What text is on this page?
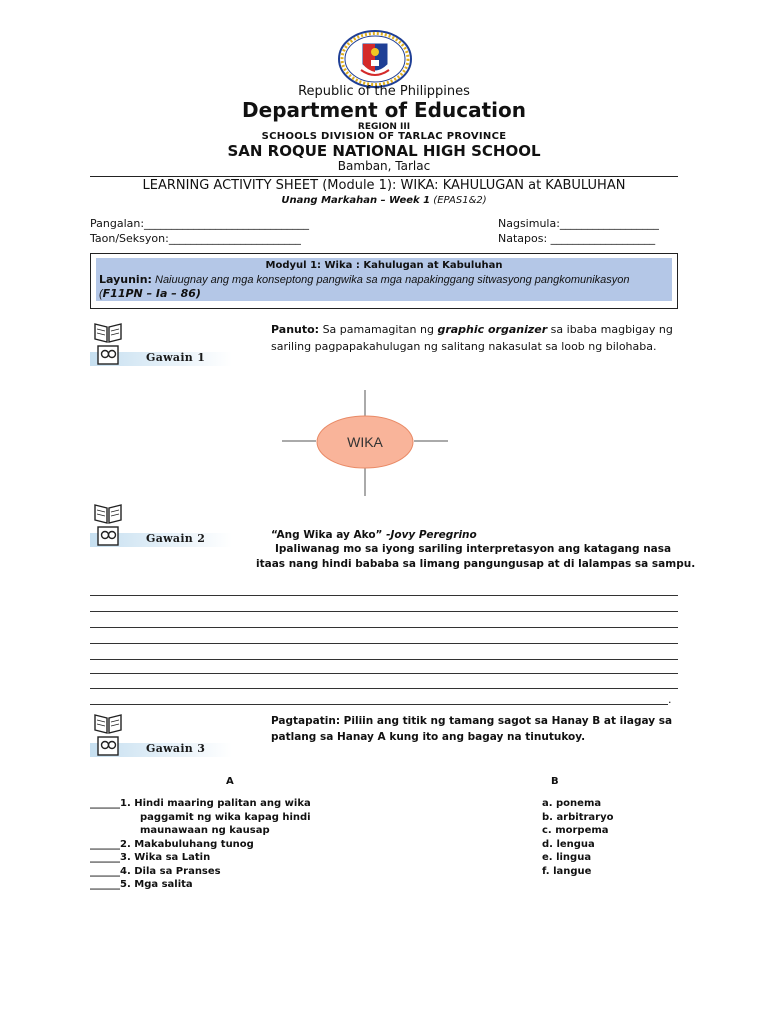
Republic of the Philippines
Department of Education
REGION III
SCHOOLS DIVISION OF TARLAC PROVINCE
SAN ROQUE NATIONAL HIGH SCHOOL
Bamban, Tarlac
LEARNING ACTIVITY SHEET (Module 1): WIKA: KAHULUGAN at KABULUHAN
Unang Markahan – Week 1 (EPAS1&2)
Pangalan:______________________________
Taon/Seksyon:________________________
Nagsimula:__________________
Natapos: ___________________
Modyul 1: Wika : Kahulugan at Kabuluhan
Layunin: Naiuugnay ang mga konseptong pangwika sa mga napakinggang sitwasyong pangkomunikasyon (F11PN – Ia – 86)
Gawain 1
Panuto: Sa pamamagitan ng graphic organizer sa ibaba magbigay ng sariling pagpapakahulugan ng salitang nakasulat sa loob ng bilohaba.
WIKA
Gawain 2	“Ang Wika ay Ako” -Jovy Peregrino
Ipaliwanag mo sa iyong sariling interpretasyon ang katagang nasa
itaas nang hindi bababa sa limang pangungusap at di lalampas sa sampu.
.
Gawain 3
Pagtapatin: Piliin ang titik ng tamang sagot sa Hanay B at ilagay sa
patlang sa Hanay A kung ito ang bagay na tinutukoy.
A	B
______1. Hindi maaring palitan ang wika
paggamit ng wika kapag hindi
maunawaan ng kausap
______2. Makabuluhang tunog
______3. Wika sa Latin
______4. Dila sa Pranses
______5. Mga salita
a. ponema
b. arbitraryo
c. morpema
d. lengua
e. lingua
f. langue
